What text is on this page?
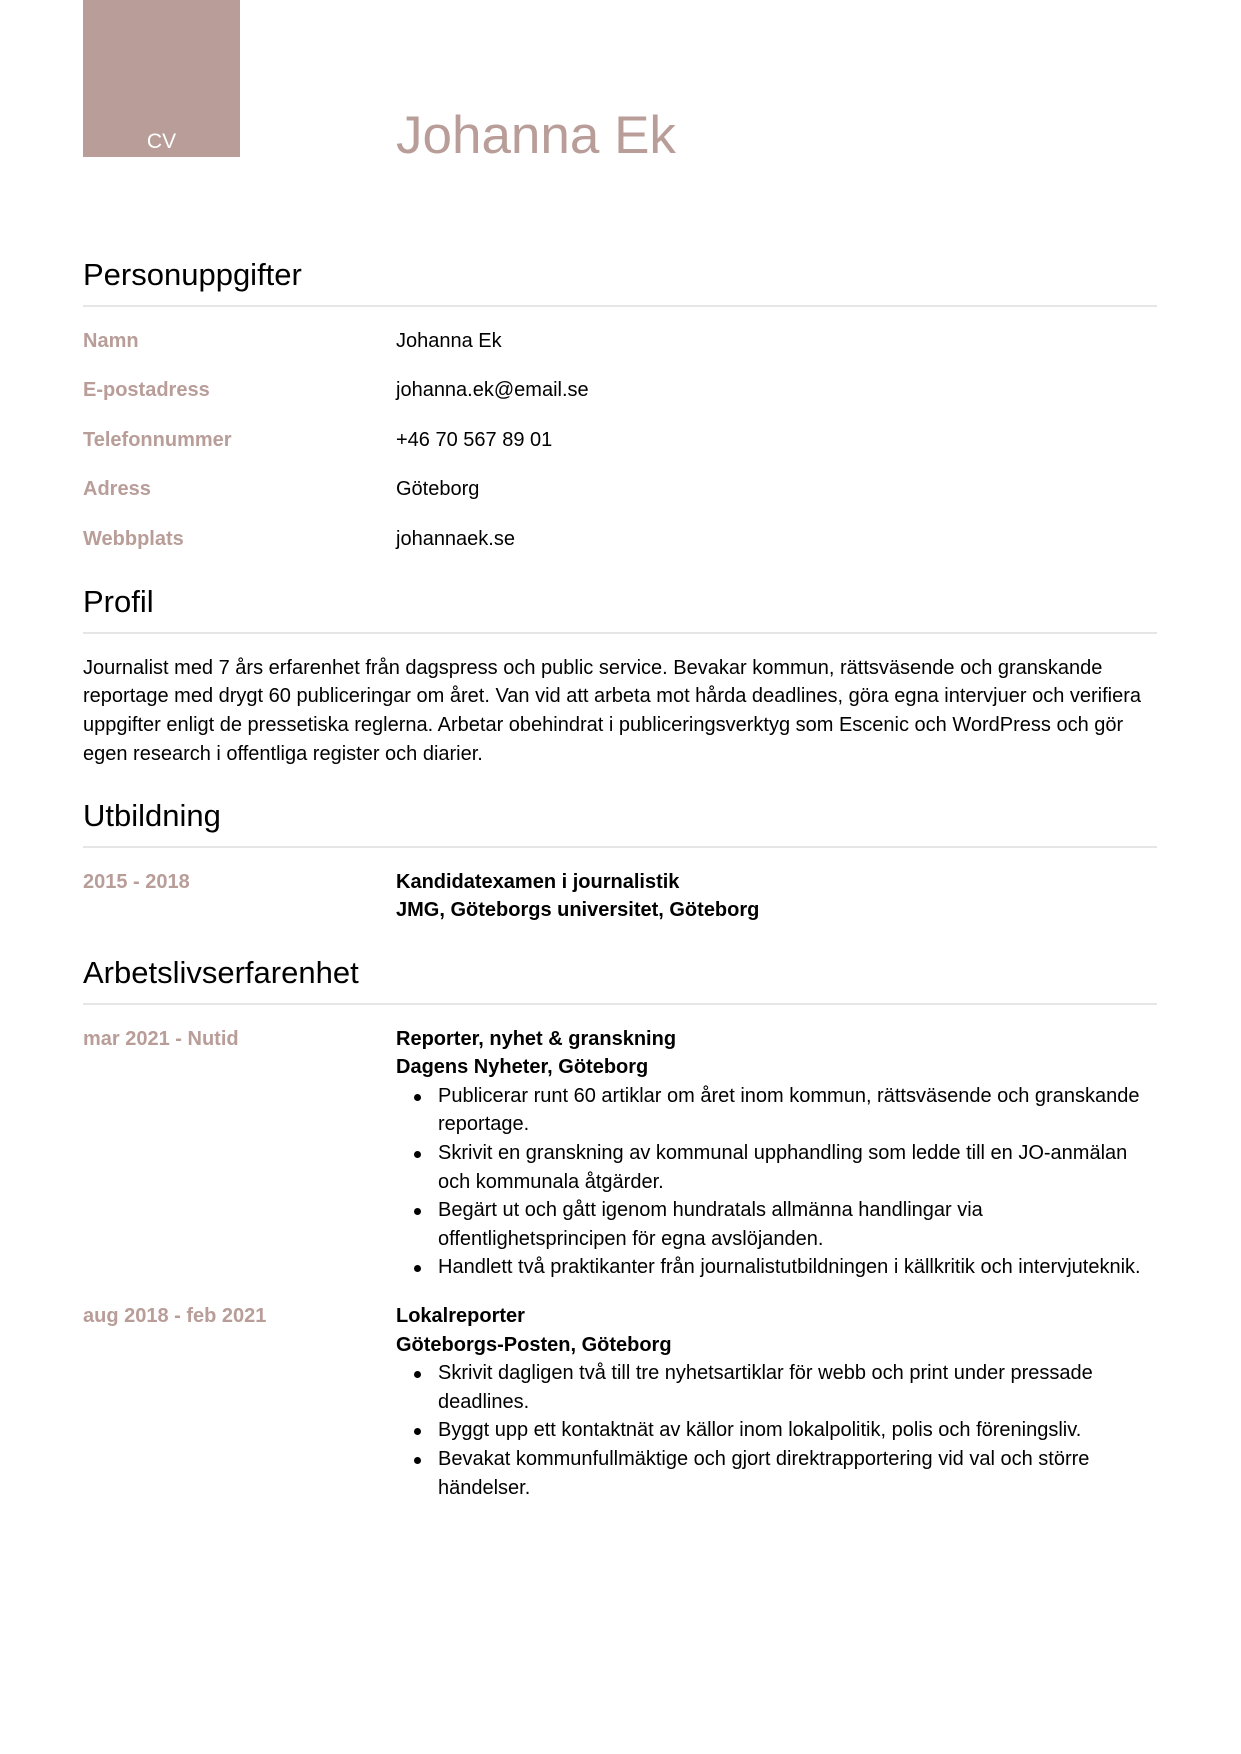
CV	Johanna Ek
Personuppgifter
Namn	Johanna Ek
E-postadress	johanna.ek@email.se
Telefonnummer	+46 70 567 89 01
Adress	Göteborg
Webbplats	johannaek.se
Profil

Journalist med 7 års erfarenhet från dagspress och public service. Bevakar kommun, rättsväsende och granskande reportage med drygt 60 publiceringar om året. Van vid att arbeta mot hårda deadlines, göra egna intervjuer och verifiera uppgifter enligt de pressetiska reglerna. Arbetar obehindrat i publiceringsverktyg som Escenic och WordPress och gör egen research i offentliga register och diarier.

Utbildning
2015 - 2018	Kandidatexamen i journalistik
JMG, Göteborgs universitet, Göteborg
Arbetslivserfarenhet
mar 2021 - Nutid	Reporter, nyhet & granskning
Dagens Nyheter, Göteborg
Publicerar runt 60 artiklar om året inom kommun, rättsväsende och granskande reportage.
Skrivit en granskning av kommunal upphandling som ledde till en JO-anmälan och kommunala åtgärder.
Begärt ut och gått igenom hundratals allmänna handlingar via offentlighetsprincipen för egna avslöjanden.
Handlett två praktikanter från journalistutbildningen i källkritik och intervjuteknik.
aug 2018 - feb 2021	Lokalreporter
Göteborgs-Posten, Göteborg
Skrivit dagligen två till tre nyhetsartiklar för webb och print under pressade deadlines.
Byggt upp ett kontaktnät av källor inom lokalpolitik, polis och föreningsliv.
Bevakat kommunfullmäktige och gjort direktrapportering vid val och större händelser.
